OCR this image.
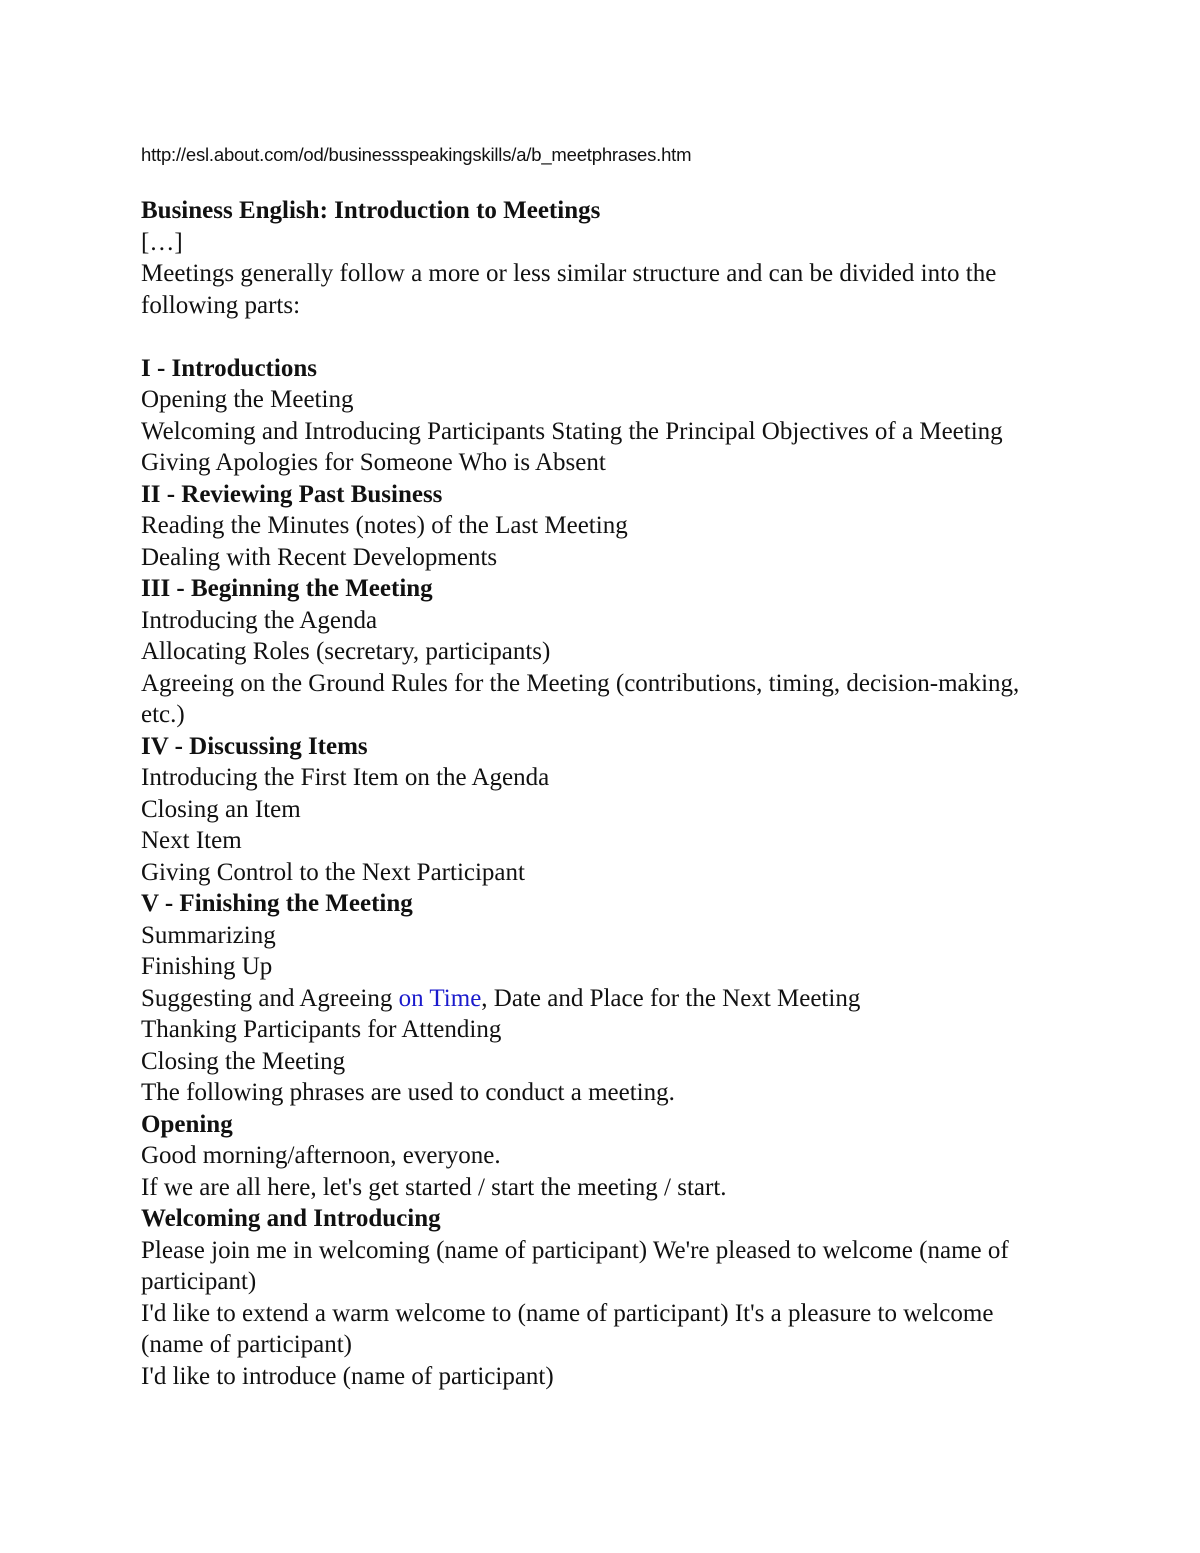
http://esl.about.com/od/businessspeakingskills/a/b_meetphrases.htm
Business English: Introduction to Meetings
[…]
Meetings generally follow a more or less similar structure and can be divided into the following parts:
I - Introductions
Opening the Meeting
Welcoming and Introducing Participants Stating the Principal Objectives of a Meeting Giving Apologies for Someone Who is Absent
II - Reviewing Past Business
Reading the Minutes (notes) of the Last Meeting
Dealing with Recent Developments
III - Beginning the Meeting
Introducing the Agenda
Allocating Roles (secretary, participants)
Agreeing on the Ground Rules for the Meeting (contributions, timing, decision-making, etc.)
IV - Discussing Items
Introducing the First Item on the Agenda
Closing an Item
Next Item
Giving Control to the Next Participant
V - Finishing the Meeting
Summarizing
Finishing Up
Suggesting and Agreeing on Time, Date and Place for the Next Meeting
Thanking Participants for Attending
Closing the Meeting
The following phrases are used to conduct a meeting.
Opening
Good morning/afternoon, everyone.
If we are all here, let's get started / start the meeting / start.
Welcoming and Introducing
Please join me in welcoming (name of participant) We're pleased to welcome (name of participant)
I'd like to extend a warm welcome to (name of participant) It's a pleasure to welcome (name of participant)
I'd like to introduce (name of participant)
